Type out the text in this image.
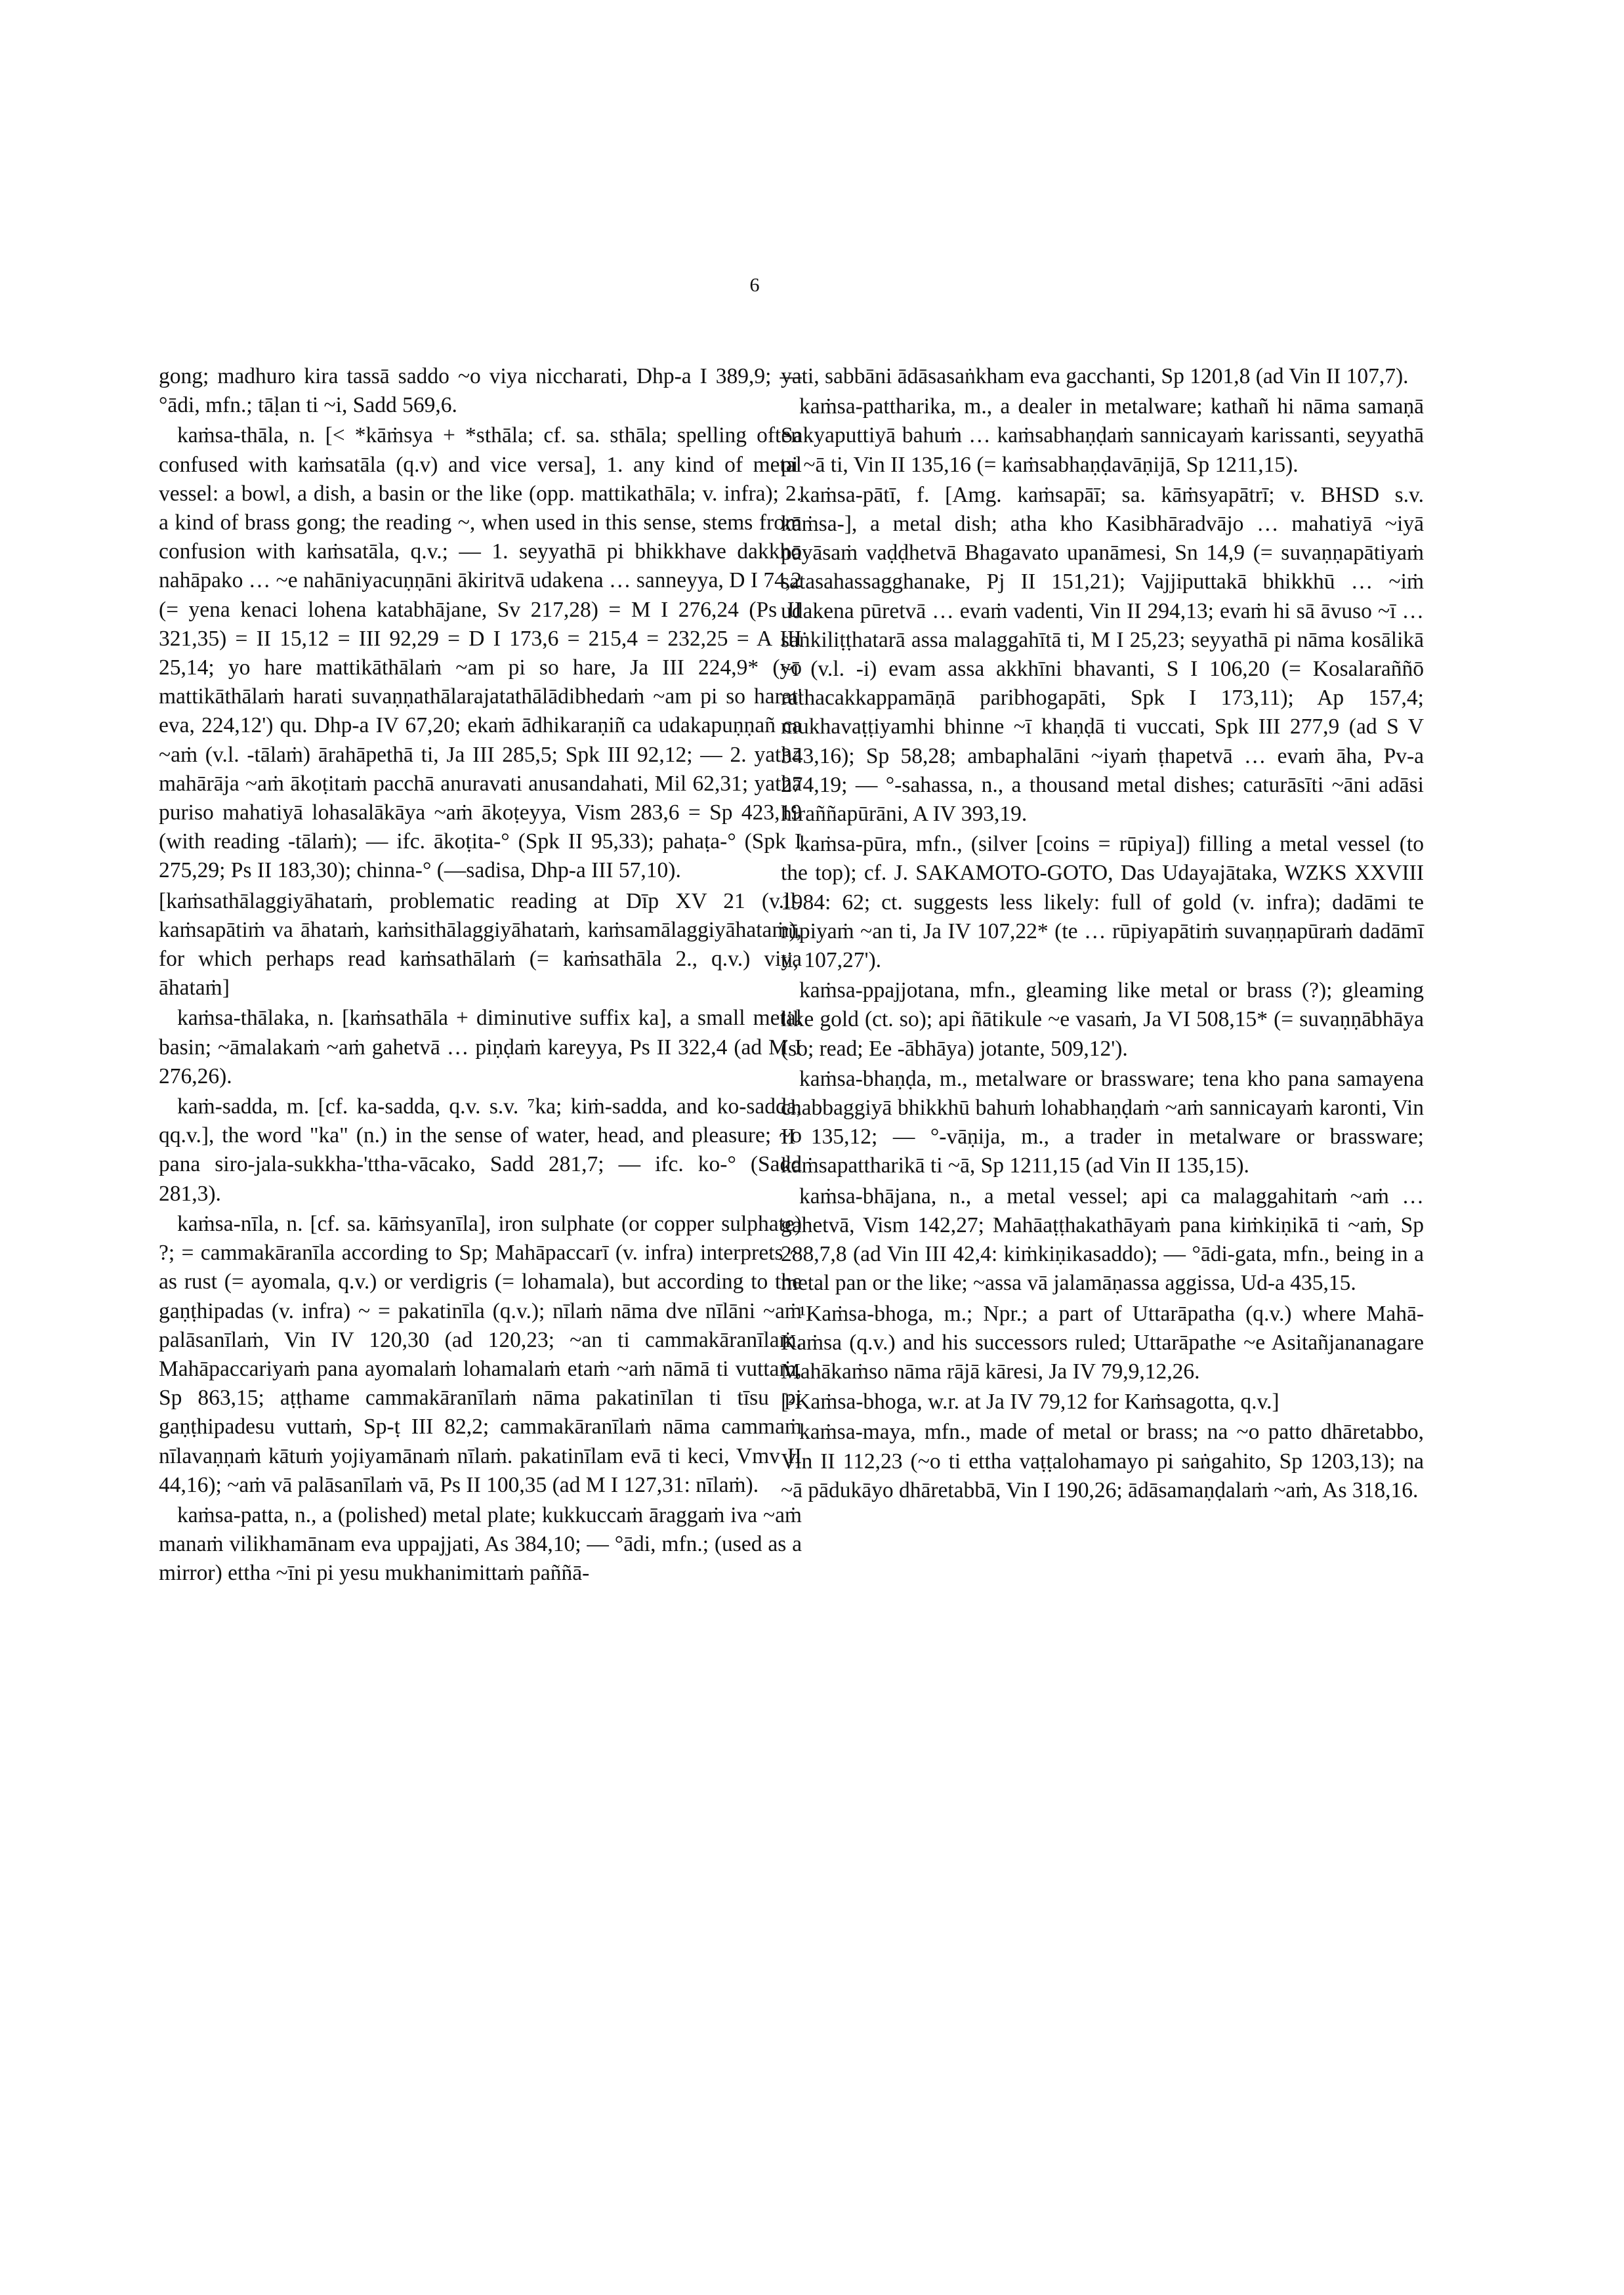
6

gong; madhuro kira tassā saddo ~o viya niccharati, Dhp-a I 389,9; — °ādi, mfn.; tāḷan ti ~i, Sadd 569,6.

kaṁsa-thāla, n. [< *kāṁsya + *sthāla; cf. sa. sthāla; spelling often confused with kaṁsatāla (q.v) and vice versa], 1. any kind of metal vessel: a bowl, a dish, a basin or the like (opp. mattikathāla; v. infra); 2. a kind of brass gong; the reading ~, when used in this sense, stems from confusion with kaṁsatāla, q.v.; — 1. seyyathā pi bhikkhave dakkho nahāpako … ~e nahāniyacuṇṇāni ākiritvā udakena … sanneyya, D I 74,2 (= yena kenaci lohena katabhājane, Sv 217,28) = M I 276,24 (Ps II 321,35) = II 15,12 = III 92,29 = D I 173,6 = 215,4 = 232,25 = A III 25,14; yo hare mattikāthālaṁ ~am pi so hare, Ja III 224,9* (yo mattikāthālaṁ harati suvaṇṇathālarajatathālādibhedaṁ ~am pi so harat' eva, 224,12') qu. Dhp-a IV 67,20; ekaṁ ādhikaraṇiñ ca udakapuṇṇañ ca ~aṁ (v.l. -tālaṁ) ārahāpethā ti, Ja III 285,5; Spk III 92,12; — 2. yathā mahārāja ~aṁ ākoṭitaṁ pacchā anuravati anusandahati, Mil 62,31; yathā puriso mahatiyā lohasalākāya ~aṁ ākoṭeyya, Vism 283,6 = Sp 423,19 (with reading -tālaṁ); — ifc. ākoṭita-° (Spk II 95,33); pahaṭa-° (Spk I 275,29; Ps II 183,30); chinna-° (—sadisa, Dhp-a III 57,10).

[kaṁsathālaggiyāhataṁ, problematic reading at Dīp XV 21 (v.ll. kaṁsapātiṁ va āhataṁ, kaṁsithālaggiyāhataṁ, kaṁsamālaggiyāhataṁ), for which perhaps read kaṁsathālaṁ (= kaṁsathāla 2., q.v.) viya āhataṁ]

kaṁsa-thālaka, n. [kaṁsathāla + diminutive suffix ka], a small metal basin; ~āmalakaṁ ~aṁ gahetvā … piṇḍaṁ kareyya, Ps II 322,4 (ad M I 276,26).

kaṁ-sadda, m. [cf. ka-sadda, q.v. s.v. ⁷ka; kiṁ-sadda, and ko-sadda, qq.v.], the word "ka" (n.) in the sense of water, head, and pleasure; ~o pana siro-jala-sukkha-'ttha-vācako, Sadd 281,7; — ifc. ko-° (Sadd 281,3).

kaṁsa-nīla, n. [cf. sa. kāṁsyanīla], iron sulphate (or copper sulphate) ?; = cammakāranīla according to Sp; Mahāpaccarī (v. infra) interprets ~ as rust (= ayomala, q.v.) or verdigris (= lohamala), but according to the gaṇṭhipadas (v. infra) ~ = pakatinīla (q.v.); nīlaṁ nāma dve nīlāni ~aṁ palāsanīlaṁ, Vin IV 120,30 (ad 120,23; ~an ti cammakāranīlaṁ. Mahāpaccariyaṁ pana ayomalaṁ lohamalaṁ etaṁ ~aṁ nāmā ti vuttaṁ, Sp 863,15; aṭṭhame cammakāranīlaṁ nāma pakatinīlan ti tīsu pi gaṇṭhipadesu vuttaṁ, Sp-ṭ III 82,2; cammakāranīlaṁ nāma cammaṁ nīlavaṇṇaṁ kātuṁ yojiyamānaṁ nīlaṁ. pakatinīlam evā ti keci, Vmv II 44,16); ~aṁ vā palāsanīlaṁ vā, Ps II 100,35 (ad M I 127,31: nīlaṁ).

kaṁsa-patta, n., a (polished) metal plate; kukkuccaṁ āraggaṁ iva ~aṁ manaṁ vilikhamānam eva uppajjati, As 384,10; — °ādi, mfn.; (used as a mirror) ettha ~īni pi yesu mukhanimittaṁ paññā-

yati, sabbāni ādāsasaṅkham eva gacchanti, Sp 1201,8 (ad Vin II 107,7).

kaṁsa-pattharika, m., a dealer in metalware; kathañ hi nāma samaṇā Sakyaputtiyā bahuṁ … kaṁsabhaṇḍaṁ sannicayaṁ karissanti, seyyathā pi ~ā ti, Vin II 135,16 (= kaṁsabhaṇḍavāṇijā, Sp 1211,15).

kaṁsa-pātī, f. [Amg. kaṁsapāī; sa. kāṁsyapātrī; v. BHSD s.v. kāṁsa-], a metal dish; atha kho Kasibhāradvājo … mahatiyā ~iyā pāyāsaṁ vaḍḍhetvā Bhagavato upanāmesi, Sn 14,9 (= suvaṇṇapātiyaṁ satasahassagghanake, Pj II 151,21); Vajjiputtakā bhikkhū … ~iṁ udakena pūretvā … evaṁ vadenti, Vin II 294,13; evaṁ hi sā āvuso ~ī … saṅkiliṭṭhatarā assa malaggahītā ti, M I 25,23; seyyathā pi nāma kosālikā ~ī (v.l. -i) evam assa akkhīni bhavanti, S I 106,20 (= Kosalaraññō rathacakkappamāṇā paribhogapāti, Spk I 173,11); Ap 157,4; mukhavaṭṭiyamhi bhinne ~ī khaṇḍā ti vuccati, Spk III 277,9 (ad S V 343,16); Sp 58,28; ambaphalāni ~iyaṁ ṭhapetvā … evaṁ āha, Pv-a 274,19; — °-sahassa, n., a thousand metal dishes; caturāsīti ~āni adāsi hiraññapūrāni, A IV 393,19.

kaṁsa-pūra, mfn., (silver [coins = rūpiya]) filling a metal vessel (to the top); cf. J. SAKAMOTO-GOTO, Das Udayajātaka, WZKS XXVIII 1984: 62; ct. suggests less likely: full of gold (v. infra); dadāmi te rūpiyaṁ ~an ti, Ja IV 107,22* (te … rūpiyapātiṁ suvaṇṇapūraṁ dadāmī ti, 107,27').

kaṁsa-ppajjotana, mfn., gleaming like metal or brass (?); gleaming like gold (ct. so); api ñātikule ~e vasaṁ, Ja VI 508,15* (= suvaṇṇābhāya (so; read; Ee -ābhāya) jotante, 509,12').

kaṁsa-bhaṇḍa, m., metalware or brassware; tena kho pana samayena chabbaggiyā bhikkhū bahuṁ lohabhaṇḍaṁ ~aṁ sannicayaṁ karonti, Vin II 135,12; — °-vāṇija, m., a trader in metalware or brassware; kaṁsapattharikā ti ~ā, Sp 1211,15 (ad Vin II 135,15).

kaṁsa-bhājana, n., a metal vessel; api ca malaggahitaṁ ~aṁ … gahetvā, Vism 142,27; Mahāaṭṭhakathāyaṁ pana kiṁkiṇikā ti ~aṁ, Sp 288,7,8 (ad Vin III 42,4: kiṁkiṇikasaddo); — °ādi-gata, mfn., being in a metal pan or the like; ~assa vā jalamāṇassa aggissa, Ud-a 435,15.

¹Kaṁsa-bhoga, m.; Npr.; a part of Uttarāpatha (q.v.) where Mahā-Kaṁsa (q.v.) and his successors ruled; Uttarāpathe ~e Asitañjananagare Mahākaṁso nāma rājā kāresi, Ja IV 79,9,12,26.

[²Kaṁsa-bhoga, w.r. at Ja IV 79,12 for Kaṁsagotta, q.v.]

kaṁsa-maya, mfn., made of metal or brass; na ~o patto dhāretabbo, Vin II 112,23 (~o ti ettha vaṭṭalohamayo pi saṅgahito, Sp 1203,13); na ~ā pādukāyo dhāretabbā, Vin I 190,26; ādāsamaṇḍalaṁ ~aṁ, As 318,16.
